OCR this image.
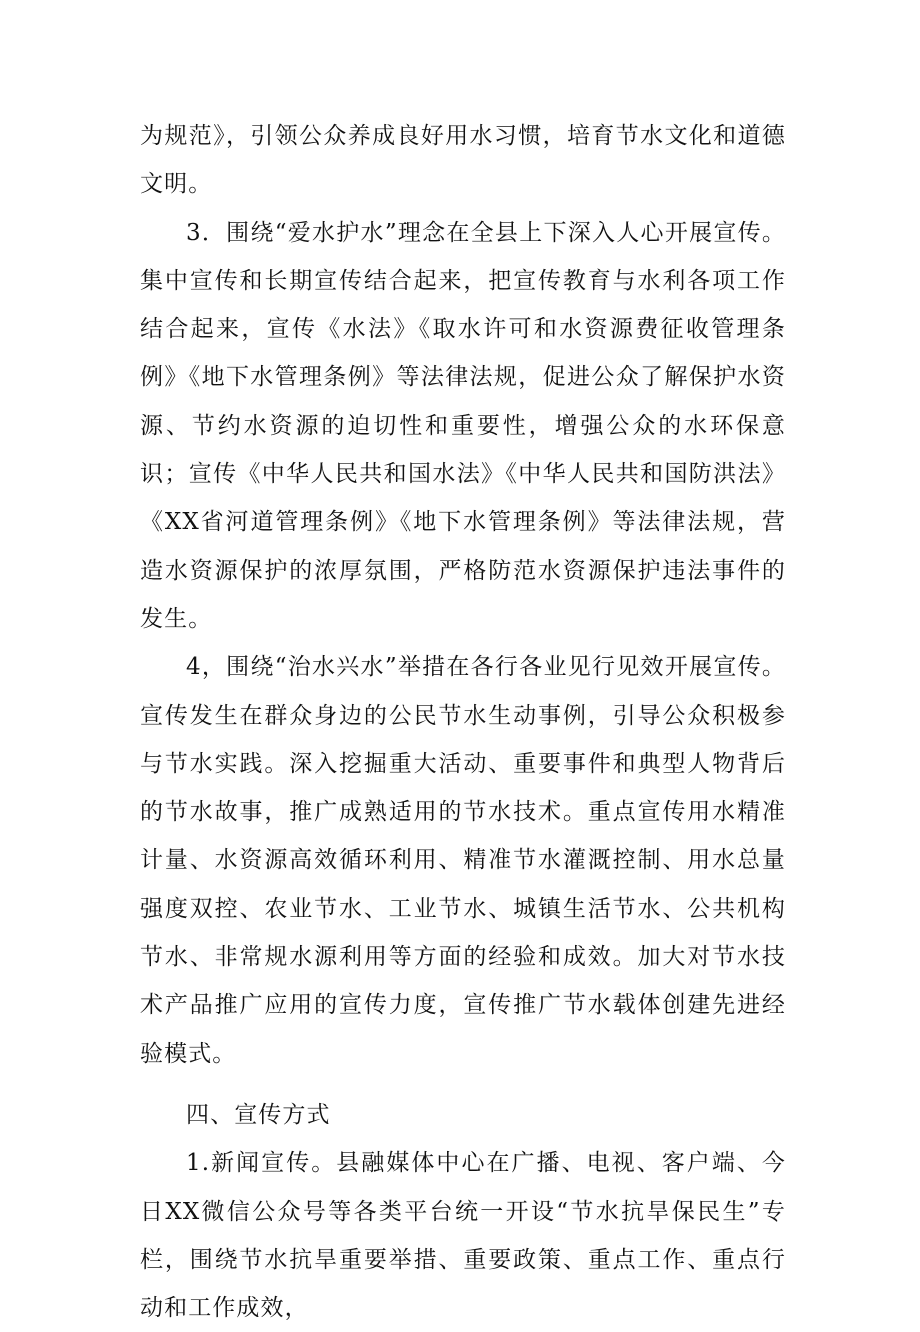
为规范》，引领公众养成良好用水习惯，培育节水文化和道德文明。

3．围绕“爱水护水”理念在全县上下深入人心开展宣传。集中宣传和长期宣传结合起来，把宣传教育与水利各项工作结合起来，宣传《水法》《取水许可和水资源费征收管理条例》《地下水管理条例》等法律法规，促进公众了解保护水资源、节约水资源的迫切性和重要性，增强公众的水环保意识；宣传《中华人民共和国水法》《中华人民共和国防洪法》《XX省河道管理条例》《地下水管理条例》等法律法规，营造水资源保护的浓厚氛围，严格防范水资源保护违法事件的发生。

4，围绕“治水兴水”举措在各行各业见行见效开展宣传。宣传发生在群众身边的公民节水生动事例，引导公众积极参与节水实践。深入挖掘重大活动、重要事件和典型人物背后的节水故事，推广成熟适用的节水技术。重点宣传用水精准计量、水资源高效循环利用、精准节水灌溉控制、用水总量强度双控、农业节水、工业节水、城镇生活节水、公共机构节水、非常规水源利用等方面的经验和成效。加大对节水技术产品推广应用的宣传力度，宣传推广节水载体创建先进经验模式。

四、宣传方式

1.新闻宣传。县融媒体中心在广播、电视、客户端、今日XX微信公众号等各类平台统一开设“节水抗旱保民生”专栏，围绕节水抗旱重要举措、重要政策、重点工作、重点行动和工作成效，
